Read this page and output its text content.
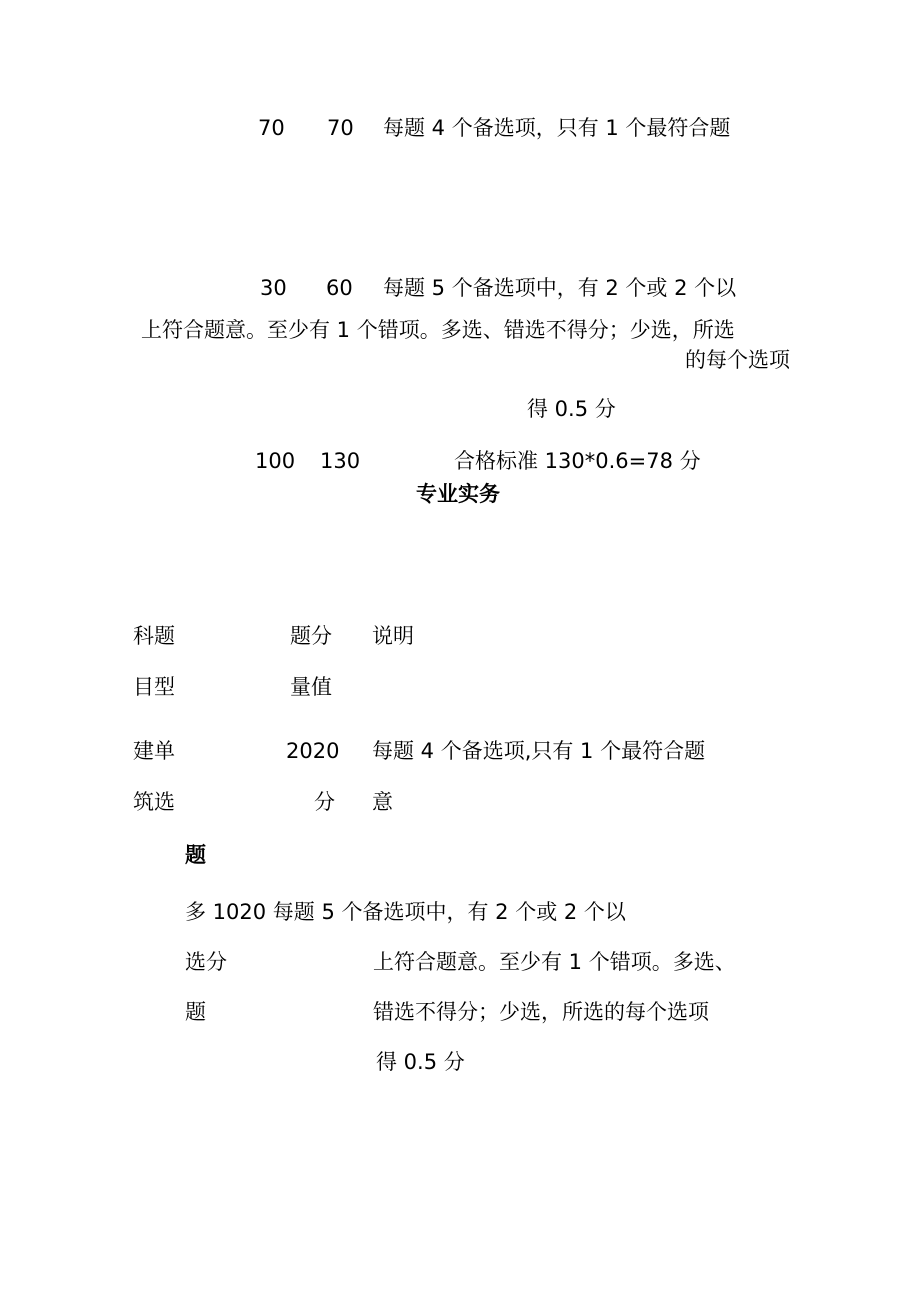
70 70 每题 4 个备选项，只有 1 个最符合题
30 60 每题 5 个备选项中，有 2 个或 2 个以
上符合题意。至少有 1 个错项。多选、错选不得分；少选，所选
的每个选项
得 0.5 分
100 130	合格标准 130*0.6=78 分
专业实务
科题
目型
题分
量值
说明
建单
筑选
题
2020
分
每题 4 个备选项,只有 1 个最符合题
意
多 1020 每题 5 个备选项中，有 2 个或 2 个以
选分
题
上符合题意。至少有 1 个错项。多选、
错选不得分；少选，所选的每个选项
得 0.5 分
